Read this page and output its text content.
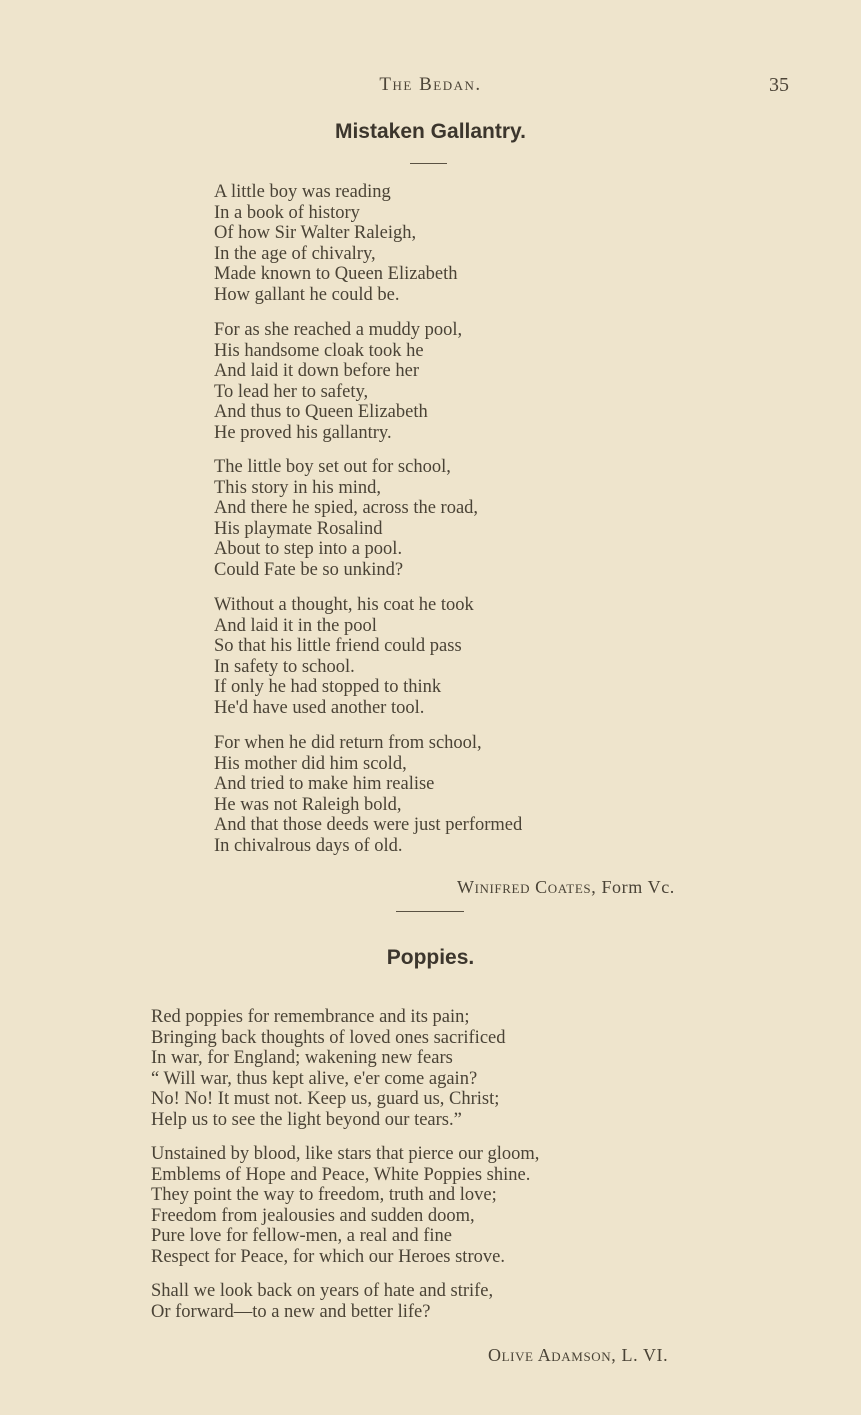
The Bedan.	35
Mistaken Gallantry.
A little boy was reading
In a book of history
Of how Sir Walter Raleigh,
In the age of chivalry,
Made known to Queen Elizabeth
How gallant he could be.
For as she reached a muddy pool,
His handsome cloak took he
And laid it down before her
To lead her to safety,
And thus to Queen Elizabeth
He proved his gallantry.
The little boy set out for school,
This story in his mind,
And there he spied, across the road,
His playmate Rosalind
About to step into a pool.
Could Fate be so unkind?
Without a thought, his coat he took
And laid it in the pool
So that his little friend could pass
In safety to school.
If only he had stopped to think
He'd have used another tool.
For when he did return from school,
His mother did him scold,
And tried to make him realise
He was not Raleigh bold,
And that those deeds were just performed
In chivalrous days of old.
Winifred Coates, Form Vc.
Poppies.
Red poppies for remembrance and its pain;
Bringing back thoughts of loved ones sacrificed
In war, for England; wakening new fears
“ Will war, thus kept alive, e'er come again?
No! No! It must not. Keep us, guard us, Christ;
Help us to see the light beyond our tears.”
Unstained by blood, like stars that pierce our gloom,
Emblems of Hope and Peace, White Poppies shine.
They point the way to freedom, truth and love;
Freedom from jealousies and sudden doom,
Pure love for fellow-men, a real and fine
Respect for Peace, for which our Heroes strove.
Shall we look back on years of hate and strife,
Or forward—to a new and better life?
Olive Adamson, L. VI.
